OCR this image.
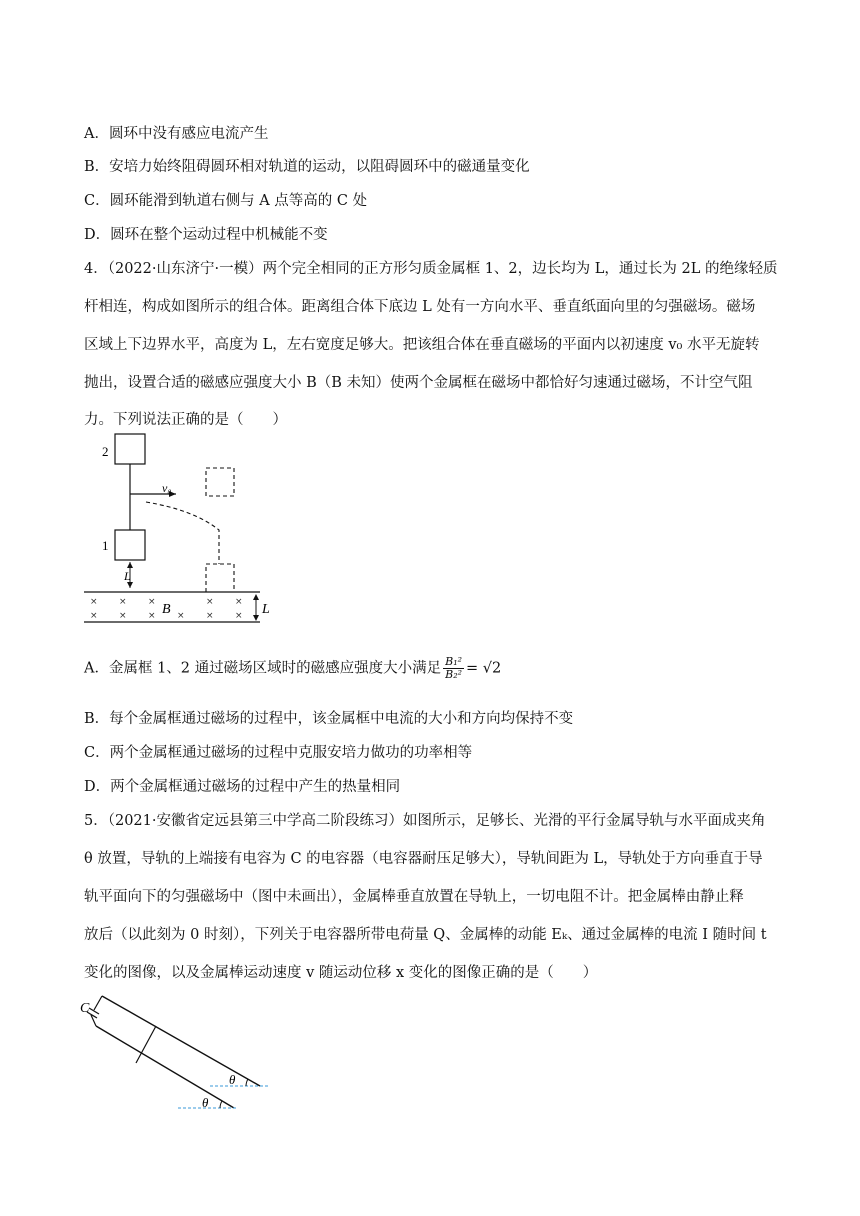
A．圆环中没有感应电流产生
B．安培力始终阻碍圆环相对轨道的运动，以阻碍圆环中的磁通量变化
C．圆环能滑到轨道右侧与 A 点等高的 C 处
D．圆环在整个运动过程中机械能不变
4．（2022·山东济宁·一模）两个完全相同的正方形匀质金属框 1、2，边长均为 L，通过长为 2L 的绝缘轻质
杆相连，构成如图所示的组合体。距离组合体下底边 L 处有一方向水平、垂直纸面向里的匀强磁场。磁场
区域上下边界水平，高度为 L，左右宽度足够大。把该组合体在垂直磁场的平面内以初速度 v₀ 水平无旋转
抛出，设置合适的磁感应强度大小 B（B 未知）使两个金属框在磁场中都恰好匀速通过磁场，不计空气阻
力。下列说法正确的是（　　）
2
v₀
1
L
× × ×	× ×
× × × × × ×
B	L
A．金属框 1、2 通过磁场区域时的磁感应强度大小满足 $\frac{\text{B₁²}}{\text{B₂²}} = √2$
B．每个金属框通过磁场的过程中，该金属框中电流的大小和方向均保持不变
C．两个金属框通过磁场的过程中克服安培力做功的功率相等
D．两个金属框通过磁场的过程中产生的热量相同
5．（2021·安徽省定远县第三中学高二阶段练习）如图所示，足够长、光滑的平行金属导轨与水平面成夹角
θ 放置，导轨的上端接有电容为 C 的电容器（电容器耐压足够大），导轨间距为 L，导轨处于方向垂直于导
轨平面向下的匀强磁场中（图中未画出），金属棒垂直放置在导轨上，一切电阻不计。把金属棒由静止释
放后（以此刻为 0 时刻），下列关于电容器所带电荷量 Q、金属棒的动能 Eₖ、通过金属棒的电流 I 随时间 t
变化的图像，以及金属棒运动速度 v 随运动位移 x 变化的图像正确的是（　　）
C
θ
θ
